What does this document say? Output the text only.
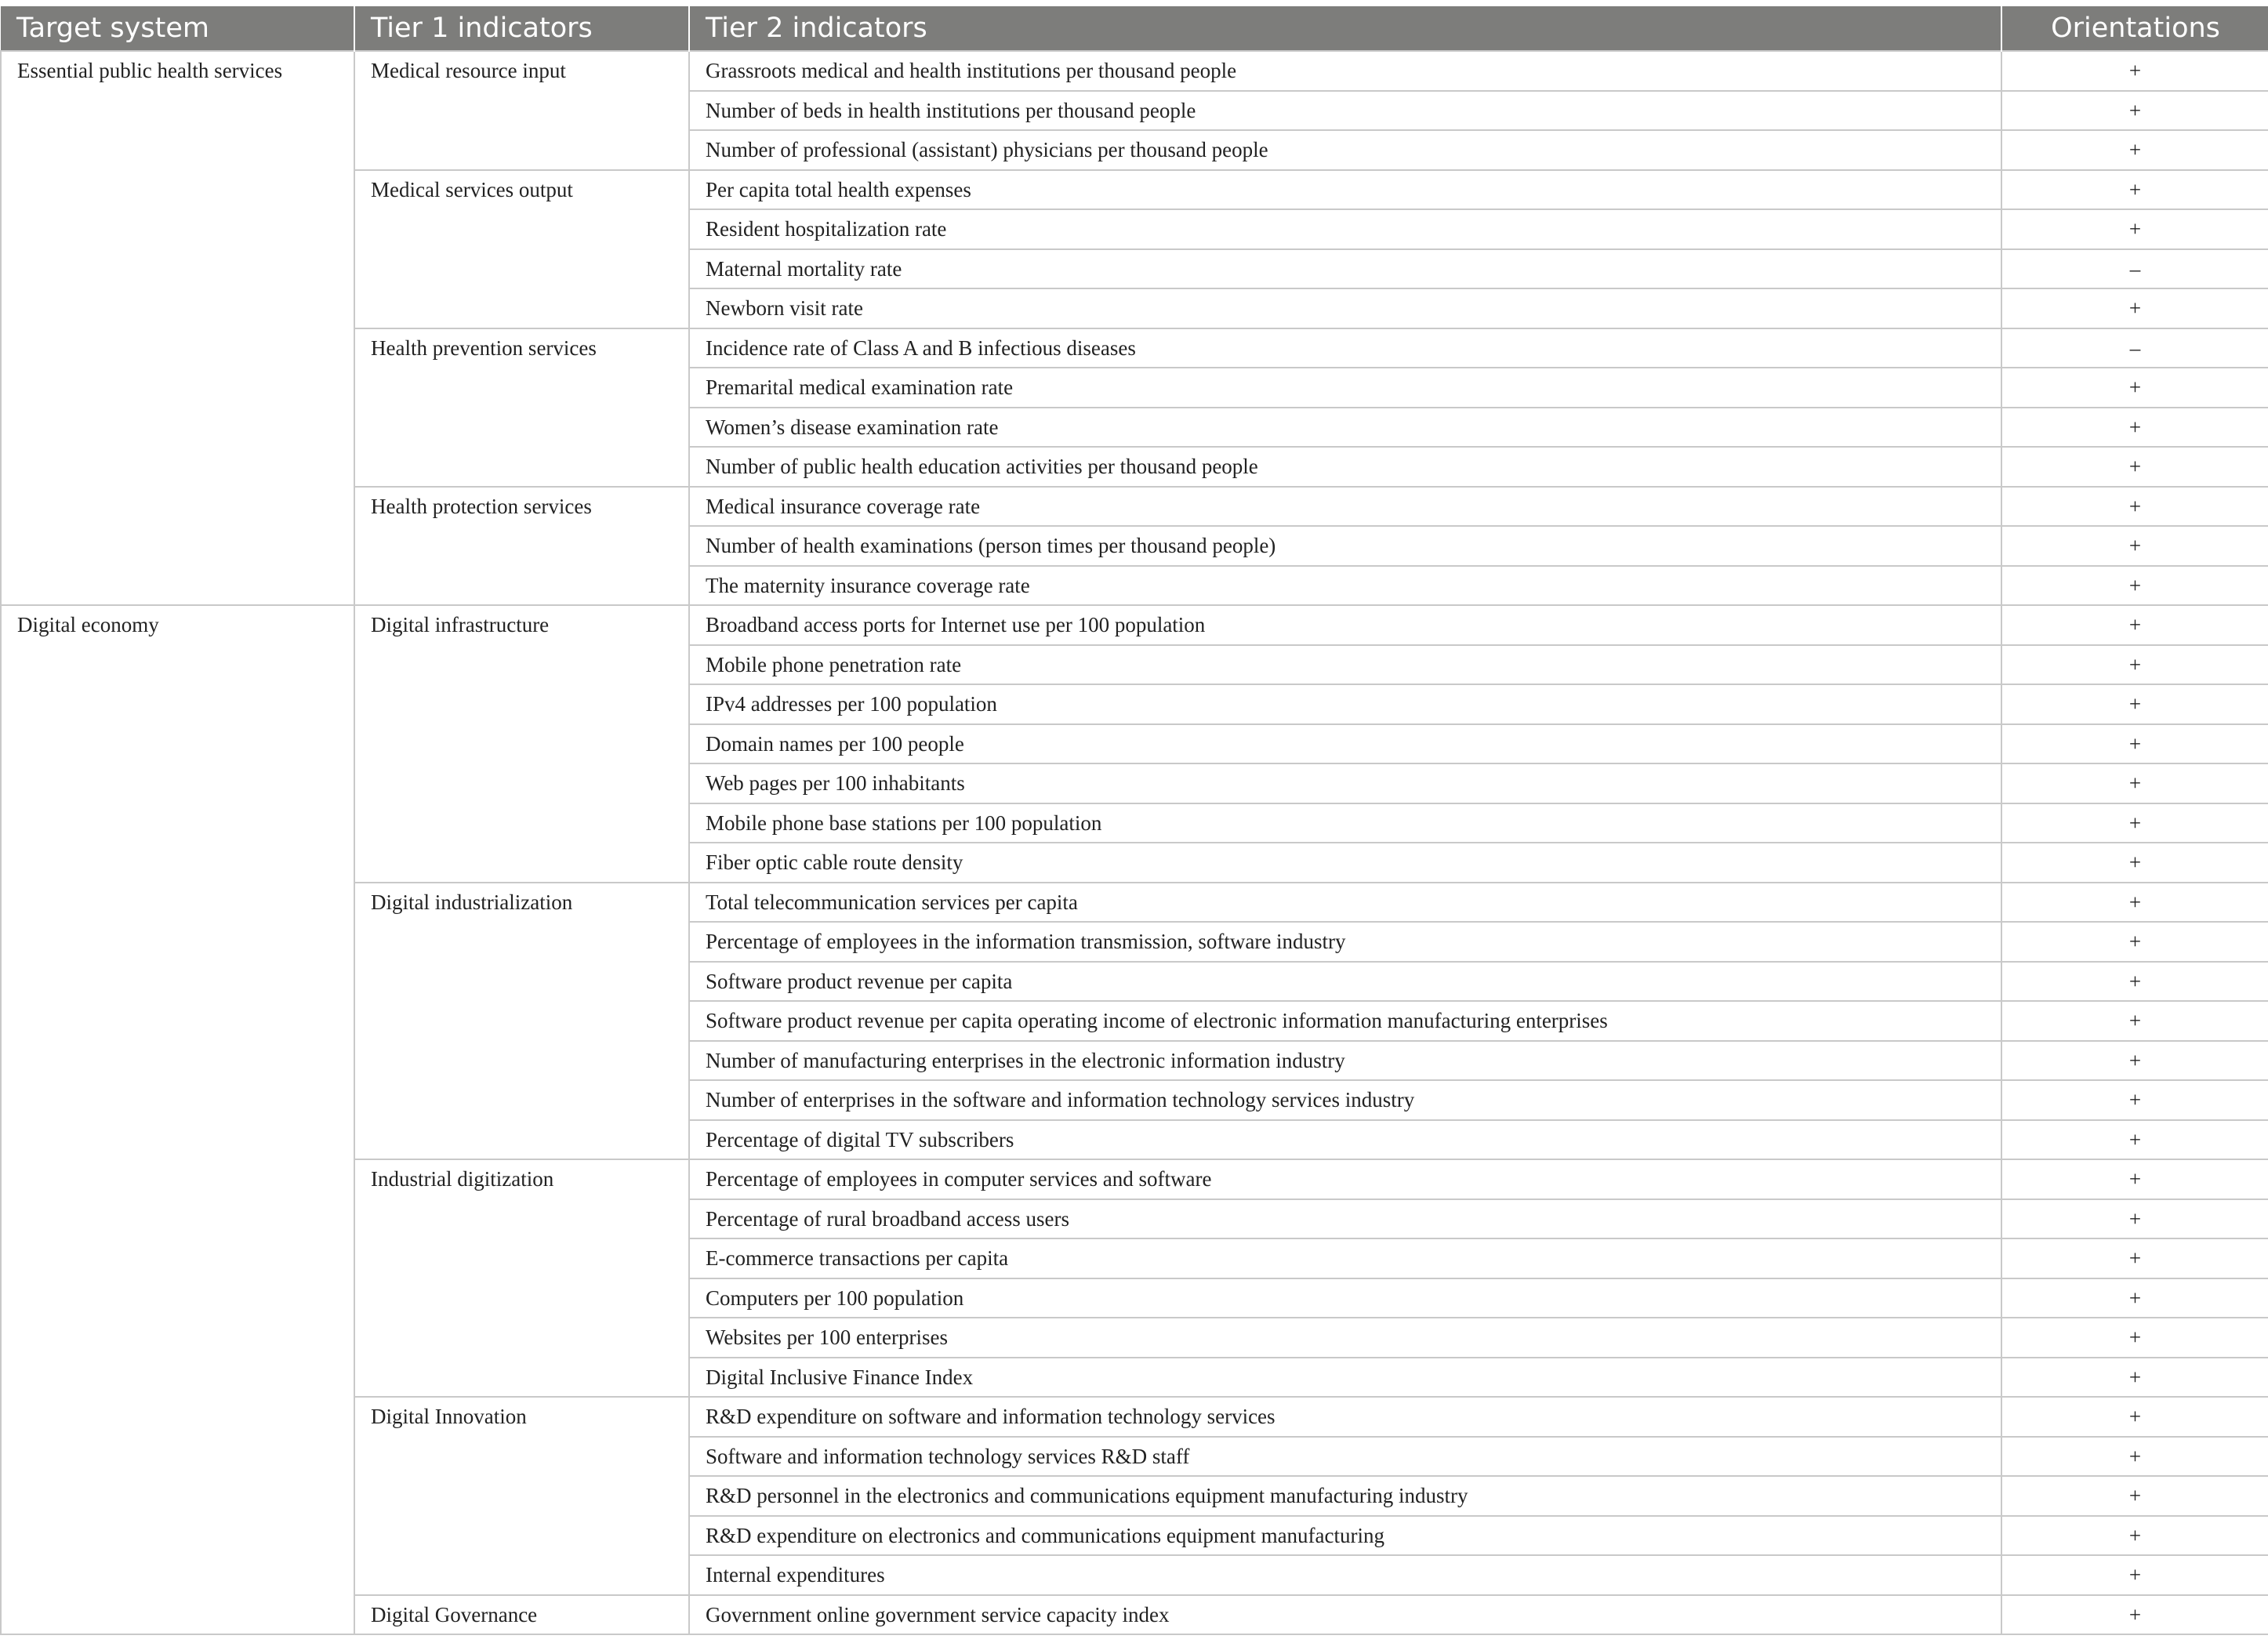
Target system	Tier 1 indicators	Tier 2 indicators	Orientations
Essential public health services	Medical resource input	Grassroots medical and health institutions per thousand people	+
		Number of beds in health institutions per thousand people	+
		Number of professional (assistant) physicians per thousand people	+
	Medical services output	Per capita total health expenses	+
		Resident hospitalization rate	+
		Maternal mortality rate	–
		Newborn visit rate	+
	Health prevention services	Incidence rate of Class A and B infectious diseases	–
		Premarital medical examination rate	+
		Women’s disease examination rate	+
		Number of public health education activities per thousand people	+
	Health protection services	Medical insurance coverage rate	+
		Number of health examinations (person times per thousand people)	+
		The maternity insurance coverage rate	+
Digital economy	Digital infrastructure	Broadband access ports for Internet use per 100 population	+
		Mobile phone penetration rate	+
		IPv4 addresses per 100 population	+
		Domain names per 100 people	+
		Web pages per 100 inhabitants	+
		Mobile phone base stations per 100 population	+
		Fiber optic cable route density	+
	Digital industrialization	Total telecommunication services per capita	+
		Percentage of employees in the information transmission, software industry	+
		Software product revenue per capita	+
		Software product revenue per capita operating income of electronic information manufacturing enterprises	+
		Number of manufacturing enterprises in the electronic information industry	+
		Number of enterprises in the software and information technology services industry	+
		Percentage of digital TV subscribers	+
	Industrial digitization	Percentage of employees in computer services and software	+
		Percentage of rural broadband access users	+
		E-commerce transactions per capita	+
		Computers per 100 population	+
		Websites per 100 enterprises	+
		Digital Inclusive Finance Index	+
	Digital Innovation	R&D expenditure on software and information technology services	+
		Software and information technology services R&D staff	+
		R&D personnel in the electronics and communications equipment manufacturing industry	+
		R&D expenditure on electronics and communications equipment manufacturing	+
		Internal expenditures	+
	Digital Governance	Government online government service capacity index	+
